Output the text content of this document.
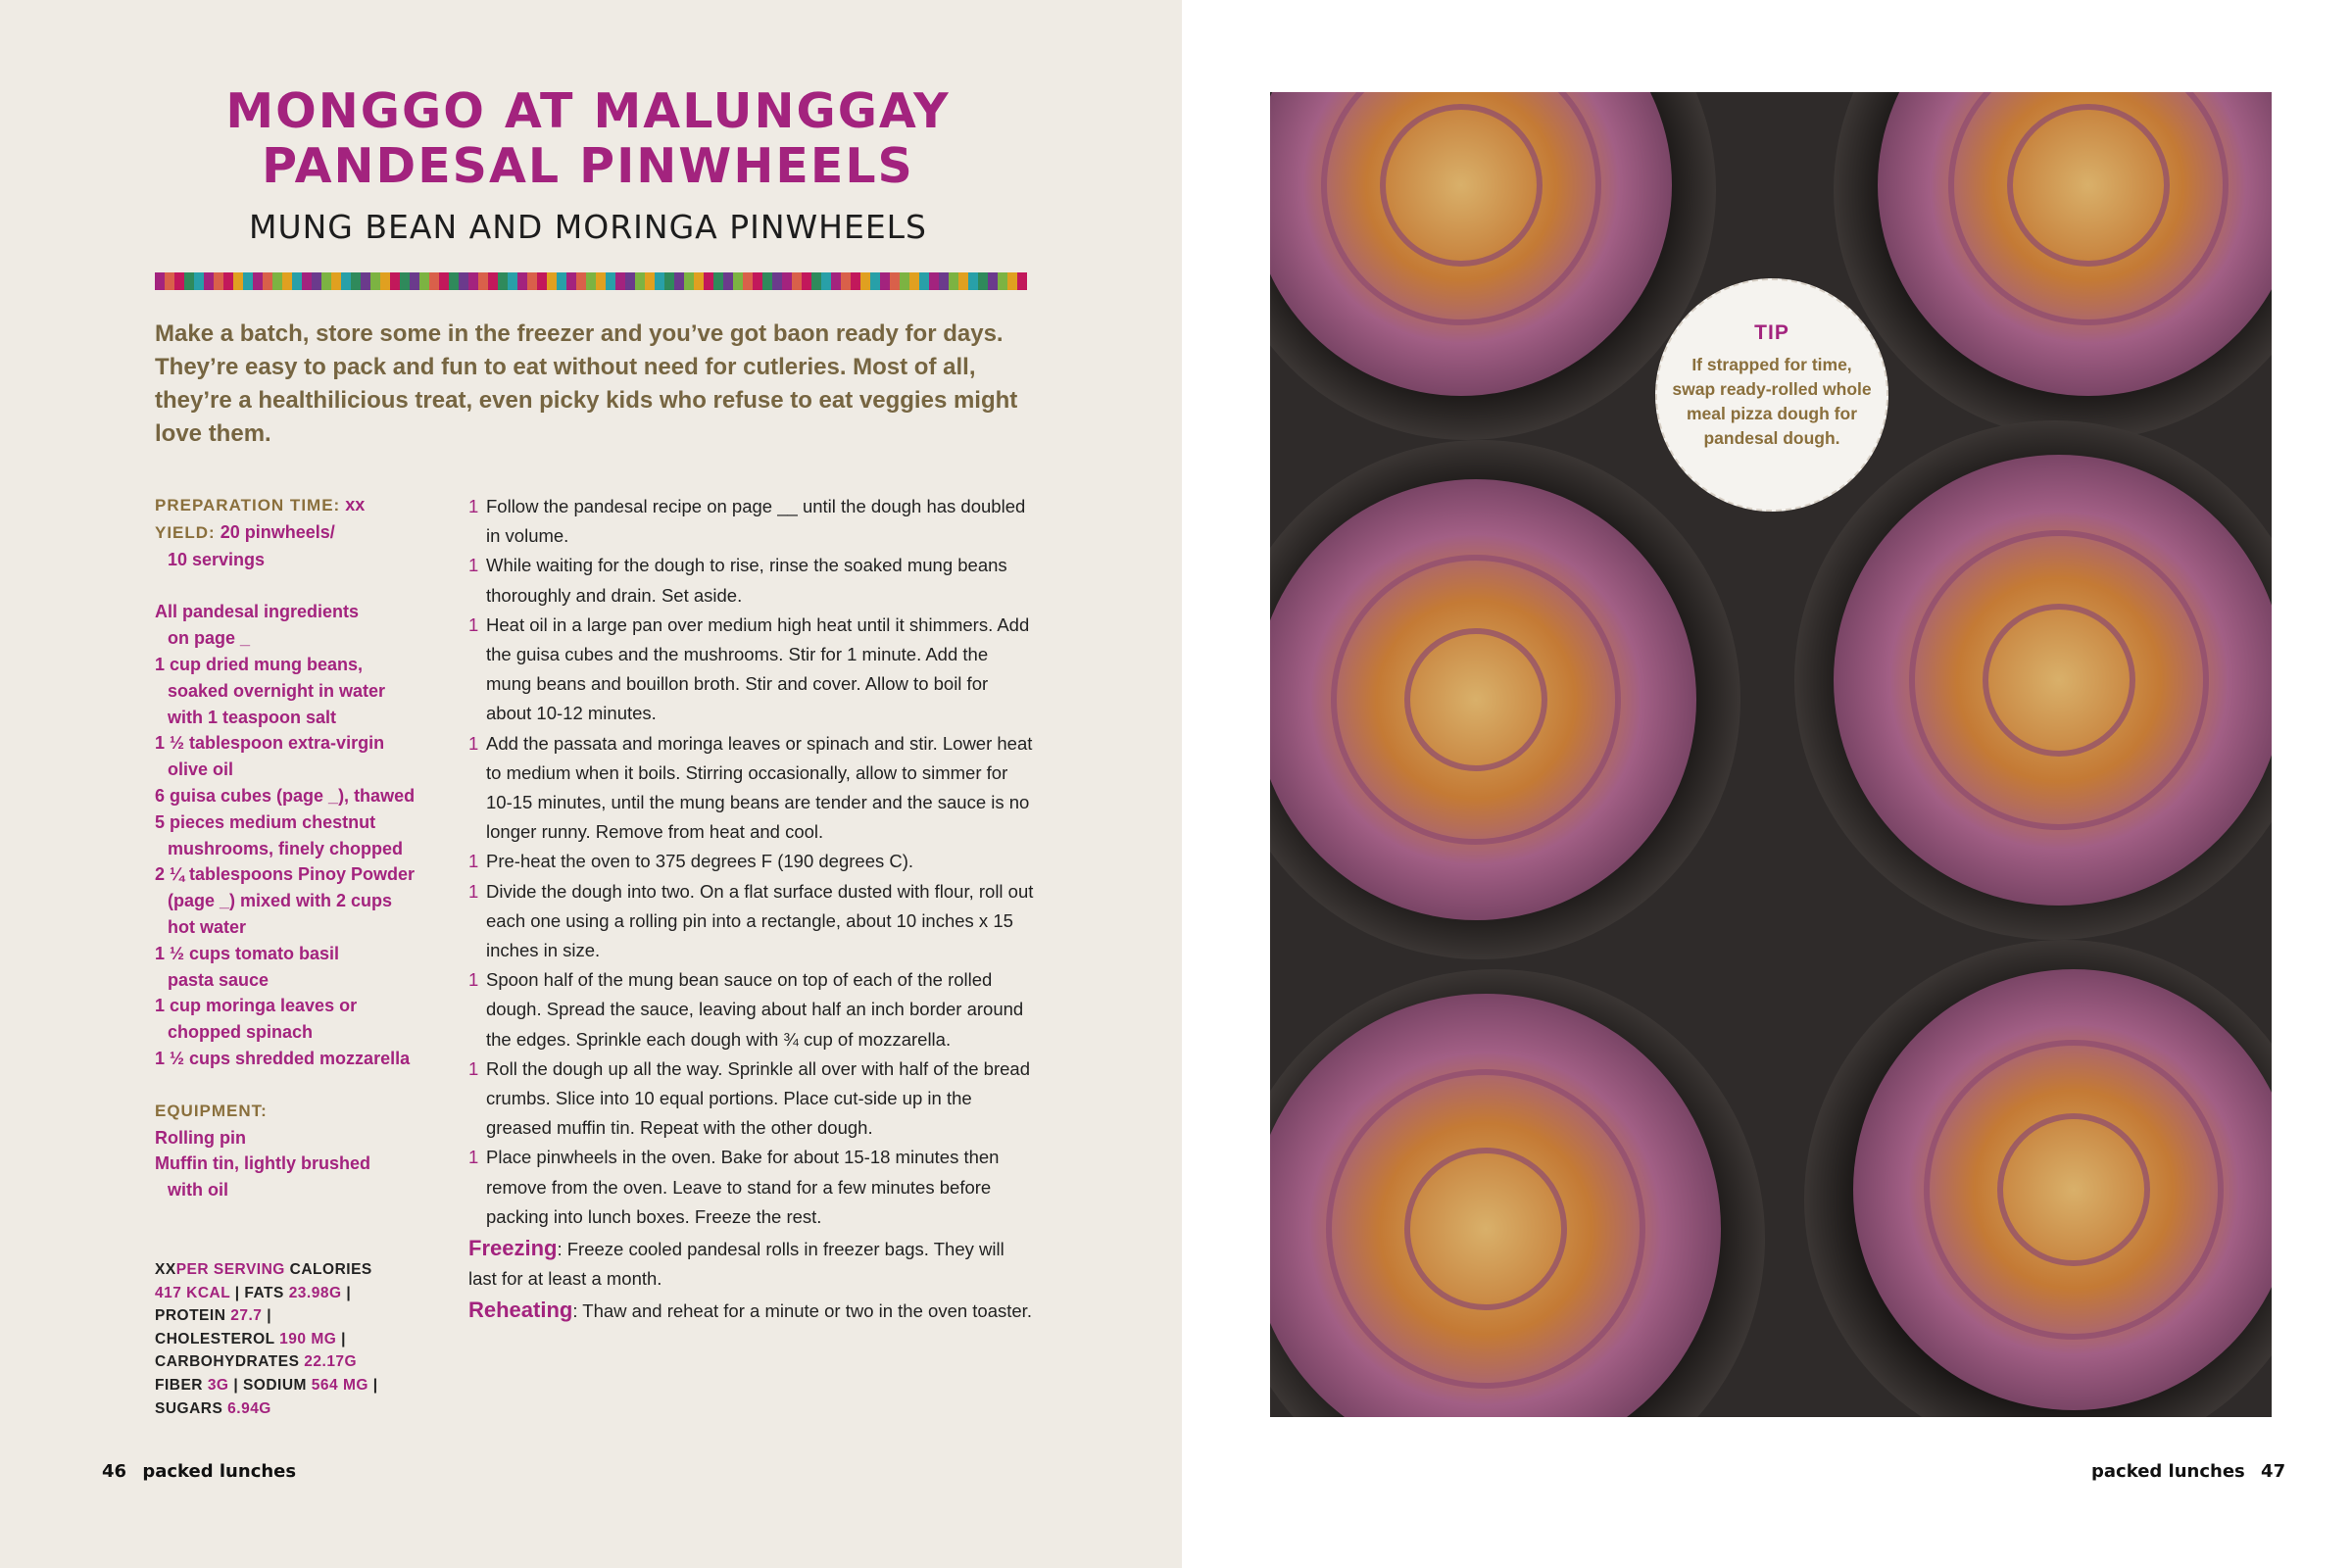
MONGGO AT MALUNGGAY
PANDESAL PINWHEELS
MUNG BEAN AND MORINGA PINWHEELS
Make a batch, store some in the freezer and you’ve got baon ready for days. They’re easy to pack and fun to eat without need for cutleries. Most of all, they’re a healthilicious treat, even picky kids who refuse to eat veggies might love them.
PREPARATION TIME: xx
YIELD: 20 pinwheels/
10 servings
All pandesal ingredients
on page _
1 cup dried mung beans,
soaked overnight in water
with 1 teaspoon salt
1 ½ tablespoon extra-virgin
olive oil
6 guisa cubes (page _), thawed
5 pieces medium chestnut
mushrooms, finely chopped
2 ¼ tablespoons Pinoy Powder
(page _) mixed with 2 cups
hot water
1 ½ cups tomato basil
pasta sauce
1 cup moringa leaves or
chopped spinach
1 ½ cups shredded mozzarella
EQUIPMENT:
Rolling pin
Muffin tin, lightly brushed
with oil
XXPER SERVING CALORIES
417 KCAL | FATS 23.98G |
PROTEIN 27.7 |
CHOLESTEROL 190 MG |
CARBOHYDRATES 22.17G
FIBER 3G | SODIUM 564 MG |
SUGARS 6.94G
1 Follow the pandesal recipe on page __ until the dough has doubled in volume.
1 While waiting for the dough to rise, rinse the soaked mung beans thoroughly and drain. Set aside.
1 Heat oil in a large pan over medium high heat until it shimmers. Add the guisa cubes and the mushrooms. Stir for 1 minute. Add the mung beans and bouillon broth. Stir and cover. Allow to boil for about 10-12 minutes.
1 Add the passata and moringa leaves or spinach and stir. Lower heat to medium when it boils. Stirring occasionally, allow to simmer for 10-15 minutes, until the mung beans are tender and the sauce is no longer runny. Remove from heat and cool.
1 Pre-heat the oven to 375 degrees F (190 degrees C).
1 Divide the dough into two. On a flat surface dusted with flour, roll out each one using a rolling pin into a rectangle, about 10 inches x 15 inches in size.
1 Spoon half of the mung bean sauce on top of each of the rolled dough. Spread the sauce, leaving about half an inch border around the edges. Sprinkle each dough with ¾ cup of mozzarella.
1 Roll the dough up all the way. Sprinkle all over with half of the bread crumbs. Slice into 10 equal portions. Place cut-side up in the greased muffin tin. Repeat with the other dough.
1 Place pinwheels in the oven. Bake for about 15-18 minutes then remove from the oven. Leave to stand for a few minutes before packing into lunch boxes. Freeze the rest.
Freezing: Freeze cooled pandesal rolls in freezer bags. They will last for at least a month.
Reheating: Thaw and reheat for a minute or two in the oven toaster.
46 packed lunches
TIP
If strapped for time, swap ready-rolled whole meal pizza dough for pandesal dough.
packed lunches 47
